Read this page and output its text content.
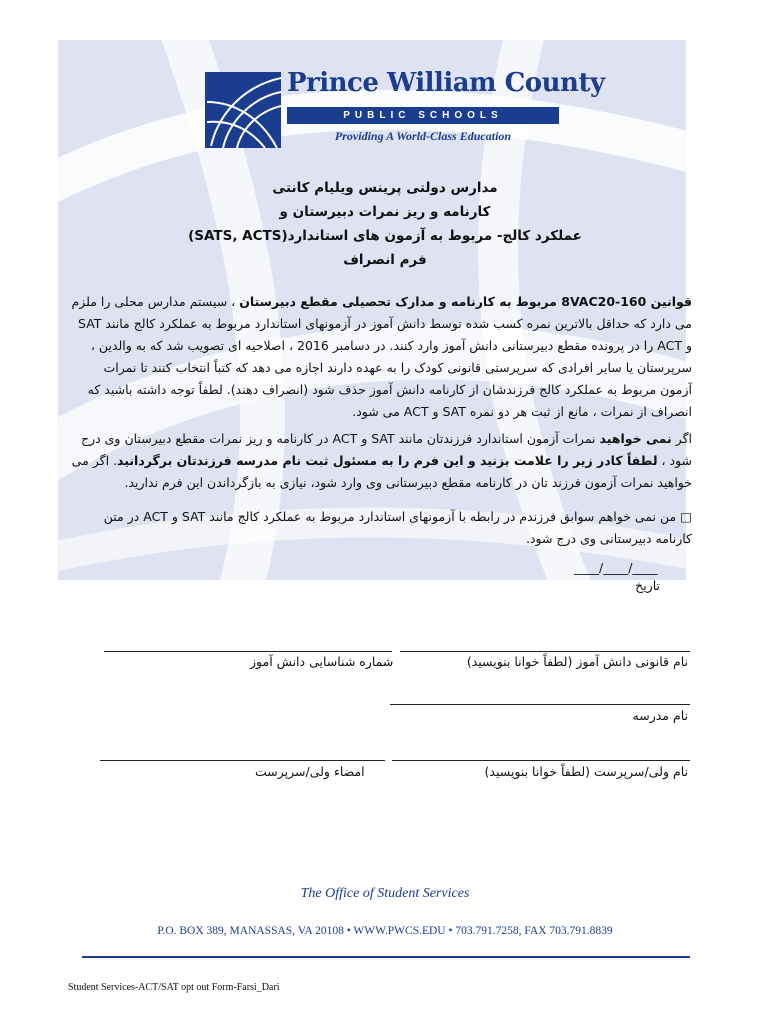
Prince William County
PUBLIC SCHOOLS
Providing A World-Class Education
مدارس دولتی پرینس ویلیام کانتی
کارنامه و ریز نمرات دبیرستان و
عملکرد کالج- مربوط به آزمون های استاندارد(SATS, ACTS)
فرم انصراف
قوانین 8VAC20-160 مربوط به کارنامه و مدارک تحصیلی مقطع دبیرستان ، سیستم مدارس محلی را ملزم می دارد که حداقل بالاترین نمره کسب شده توسط دانش آموز در آزمونهای استاندارد مربوط به عملکرد کالج مانند SAT و ACT را در پرونده مقطع دبیرستانی دانش آموز وارد کنند. در دسامبر 2016 ، اصلاحیه ای تصویب شد که به والدین ، سرپرستان یا سایر افرادی که سرپرستی قانونی کودک را به عهده دارند اجازه می دهد که کتباً انتخاب کنند تا نمرات آزمون مربوط به عملکرد کالج فرزندشان از کارنامه دانش آموز حذف شود (انصراف دهند). لطفاً توجه داشته باشید که انصراف از نمرات ، مانع از ثبت هر دو نمره SAT و ACT می شود.
اگر نمی خواهید نمرات آزمون استاندارد فرزندتان مانند SAT و ACT در کارنامه و ریز نمرات مقطع دبیرستان وی درج شود ، لطفاً کادر زیر را علامت بزنید و این فرم را به مسئول ثبت نام مدرسه فرزندتان برگردانید. اگر می خواهید نمرات آزمون فرزند تان در کارنامه مقطع دبیرستانی وی وارد شود، نیازی به بازگرداندن این فرم ندارید.
□ من نمی خواهم سوابق فرزندم در رابطه با آزمونهای استاندارد مربوط به عملکرد کالج مانند SAT و ACT در متن کارنامه دبیرستانی وی درج شود.
____/____/____
تاریخ
نام قانونی دانش آموز (لطفاً خوانا بنویسید)
شماره شناسایی دانش آموز
نام مدرسه
نام ولی/سرپرست (لطفاً خوانا بنویسید)
امضاء ولی/سرپرست
The Office of Student Services
P.O. BOX 389, MANASSAS, VA 20108 • WWW.PWCS.EDU • 703.791.7258, FAX 703.791.8839
Student Services-ACT/SAT opt out Form-Farsi_Dari
